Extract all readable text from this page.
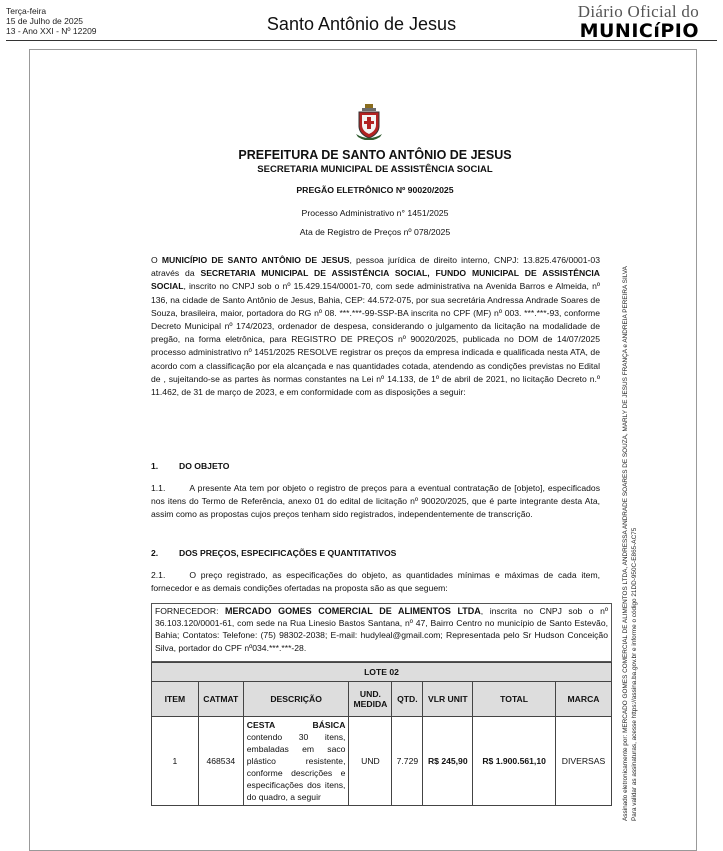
Terça-feira
15 de Julho de 2025
13 - Ano XXI - Nº 12209	Santo Antônio de Jesus
Diário Oficial do
MUNICíPIO
PREFEITURA DE SANTO ANTÔNIO DE JESUS
SECRETARIA MUNICIPAL DE ASSISTÊNCIA SOCIAL
PREGÃO ELETRÔNICO Nº 90020/2025
Processo Administrativo n° 1451/2025
Ata de Registro de Preços nº 078/2025
O MUNICÍPIO DE SANTO ANTÔNIO DE JESUS, pessoa jurídica de direito interno, CNPJ: 13.825.476/0001-03 através da SECRETARIA MUNICIPAL DE ASSISTÊNCIA SOCIAL, FUNDO MUNICIPAL DE ASSISTÊNCIA SOCIAL, inscrito no CNPJ sob o nº 15.429.154/0001-70, com sede administrativa na Avenida Barros e Almeida, nº 136, na cidade de Santo Antônio de Jesus, Bahia, CEP: 44.572-075, por sua secretária Andressa Andrade Soares de Souza, brasileira, maior, portadora do RG nº 08. ***.***-99-SSP-BA inscrita no CPF (MF) nº 003. ***.***-93, conforme Decreto Municipal nº 174/2023, ordenador de despesa, considerando o julgamento da licitação na modalidade de pregão, na forma eletrônica, para REGISTRO DE PREÇOS nº 90020/2025, publicada no DOM de 14/07/2025 processo administrativo nº 1451/2025 RESOLVE registrar os preços da empresa indicada e qualificada nesta ATA, de acordo com a classificação por ela alcançada e nas quantidades cotada, atendendo as condições previstas no Edital de , sujeitando-se as partes às normas constantes na Lei nº 14.133, de 1º de abril de 2021, no licitação Decreto n.º 11.462, de 31 de março de 2023, e em conformidade com as disposições a seguir:
1. DO OBJETO
1.1.	A presente Ata tem por objeto o registro de preços para a eventual contratação de [objeto], especificados nos itens do Termo de Referência, anexo 01 do edital de licitação nº 90020/2025, que é parte integrante desta Ata, assim como as propostas cujos preços tenham sido registrados, independentemente de transcrição.
2. DOS PREÇOS, ESPECIFICAÇÕES E QUANTITATIVOS
2.1.	O preço registrado, as especificações do objeto, as quantidades mínimas e máximas de cada item, fornecedor e as demais condições ofertadas na proposta são as que seguem:
FORNECEDOR: MERCADO GOMES COMERCIAL DE ALIMENTOS LTDA, inscrita no CNPJ sob o nº 36.103.120/0001-61, com sede na Rua Linesio Bastos Santana, nº 47, Bairro Centro no município de Santo Estevão, Bahia; Contatos: Telefone: (75) 98302-2038; E-mail: hudyleal@gmail.com; Representada pelo Sr Hudson Conceição Silva, portador do CPF nº034.***.***-28.
LOTE 02							
ITEM	CATMAT	DESCRIÇÃO	UND. MEDIDA	QTD.	VLR UNIT	TOTAL	MARCA
1	468534	CESTA BÁSICA contendo 30 itens, embaladas em saco plástico resistente, conforme descrições e especificações dos itens, do quadro, a seguir	UND	7.729	R$ 245,90	R$ 1.900.561,10	DIVERSAS	Assinado eletronicamente por: MERCADO GOMES COMERCIAL DE ALIMENTOS LTDA, ANDRESSA ANDRADE SOARES DE SOUZA, MARLY DE JESUS FRANÇA e ANDREIA PEREIRA SILVA Para validar as assinaturas, acesse https://assina.ba.gov.br e informe o código 21DD-950C-E865-AC75
